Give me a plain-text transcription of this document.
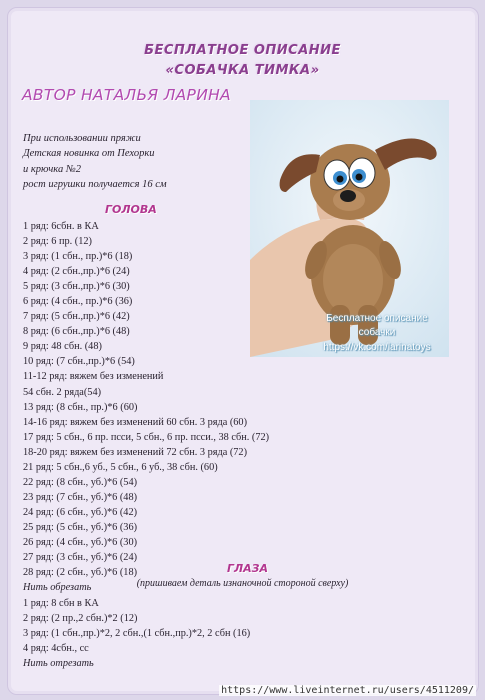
БЕСПЛАТНОЕ ОПИСАНИЕ
«СОБАЧКА ТИМКА»
АВТОР НАТАЛЬЯ ЛАРИНА
При использовании пряжи
Детская новинка от Пехорки
и крючка №2
рост игрушки получается 16 см
ГОЛОВА
1 ряд: 6сбн. в КА
2 ряд: 6 пр. (12)
3 ряд: (1 сбн., пр.)*6 (18)
4 ряд: (2 сбн.,пр.)*6 (24)
5 ряд: (3 сбн.,пр.)*6 (30)
6 ряд: (4 сбн., пр.)*6 (36)
7 ряд: (5 сбн.,пр.)*6 (42)
8 ряд: (6 сбн.,пр.)*6 (48)
9 ряд: 48 сбн. (48)
10 ряд: (7 сбн.,пр.)*6 (54)
11-12 ряд: вяжем без изменений
54 сбн. 2 ряда(54)
13 ряд: (8 сбн., пр.)*6 (60)
14-16 ряд: вяжем без изменений 60 сбн. 3 ряда (60)
17 ряд: 5 сбн., 6 пр. псси, 5 сбн., 6 пр. псси., 38 сбн. (72)
18-20 ряд: вяжем без изменений 72 сбн. 3 ряда (72)
21 ряд: 5 сбн.,6 уб., 5 сбн., 6 уб., 38 сбн. (60)
22 ряд: (8 сбн., уб.)*6 (54)
23 ряд: (7 сбн., уб.)*6 (48)
24 ряд: (6 сбн., уб.)*6 (42)
25 ряд: (5 сбн., уб.)*6 (36)
26 ряд: (4 сбн., уб.)*6 (30)
27 ряд: (3 сбн., уб.)*6 (24)
28 ряд: (2 сбн., уб.)*6 (18)
Нить обрезать
ГЛАЗА
(пришиваем деталь изнаночной стороной сверху)
1 ряд: 8 сбн в КА
2 ряд: (2 пр.,2 сбн.)*2 (12)
3 ряд: (1 сбн.,пр.)*2, 2 сбн.,(1 сбн.,пр.)*2, 2 сбн (16)
4 ряд: 4сбн., сс
Нить отрезать
Бесплатное описание
собачки
https://vk.com/larinatoys
https://www.liveinternet.ru/users/4511209/
